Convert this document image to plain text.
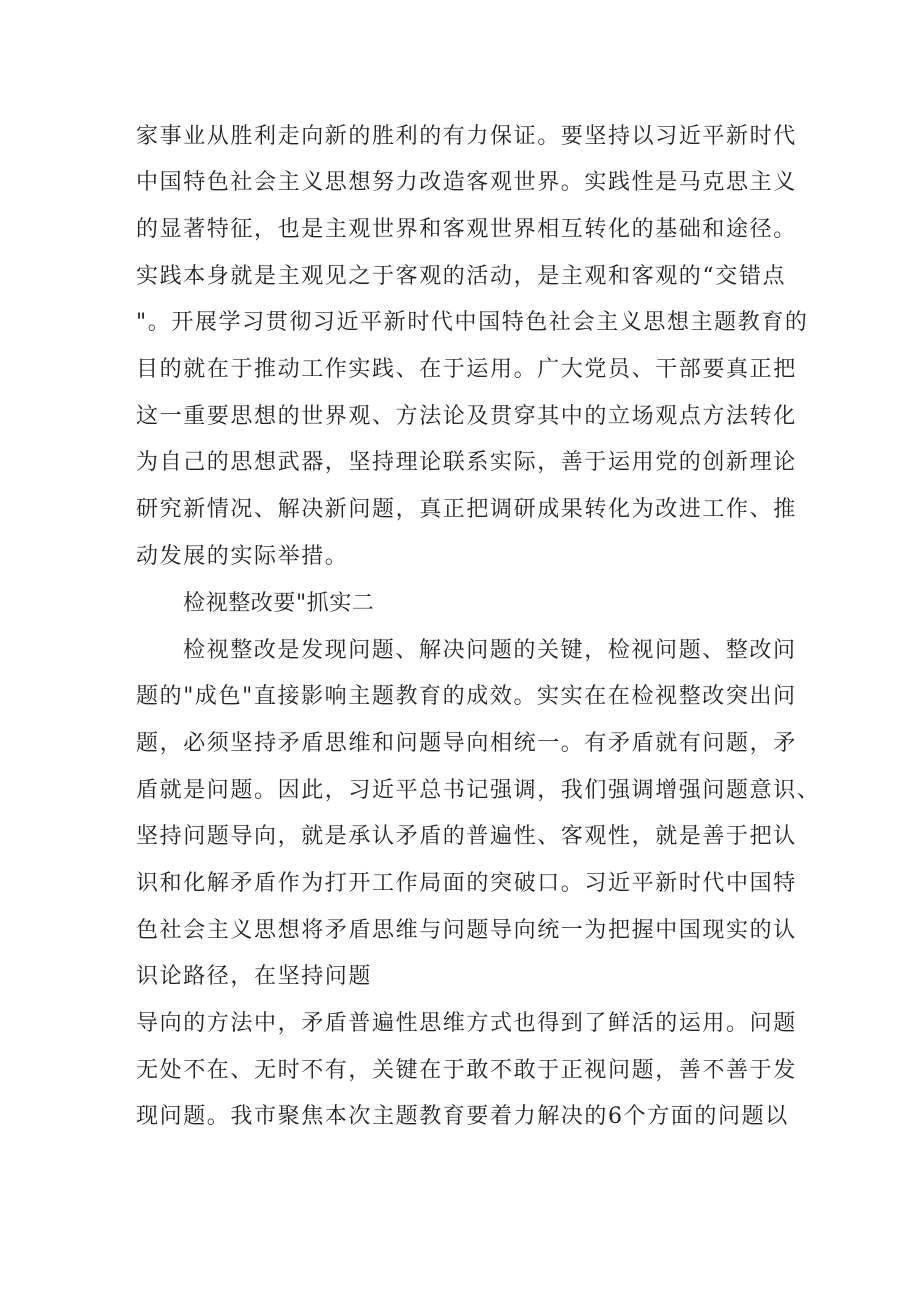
家事业从胜利走向新的胜利的有力保证。要坚持以习近平新时代
中国特色社会主义思想努力改造客观世界。实践性是马克思主义
的显著特征，也是主观世界和客观世界相互转化的基础和途径。
实践本身就是主观见之于客观的活动，是主观和客观的“交错点
"。开展学习贯彻习近平新时代中国特色社会主义思想主题教育的
目的就在于推动工作实践、在于运用。广大党员、干部要真正把
这一重要思想的世界观、方法论及贯穿其中的立场观点方法转化
为自己的思想武器，坚持理论联系实际，善于运用党的创新理论
研究新情况、解决新问题，真正把调研成果转化为改进工作、推
动发展的实际举措。
检视整改要"抓实二
检视整改是发现问题、解决问题的关键，检视问题、整改问
题的"成色"直接影响主题教育的成效。实实在在检视整改突出问
题，必须坚持矛盾思维和问题导向相统一。有矛盾就有问题，矛
盾就是问题。因此，习近平总书记强调，我们强调增强问题意识、
坚持问题导向，就是承认矛盾的普遍性、客观性，就是善于把认
识和化解矛盾作为打开工作局面的突破口。习近平新时代中国特
色社会主义思想将矛盾思维与问题导向统一为把握中国现实的认
识论路径，在坚持问题
导向的方法中，矛盾普遍性思维方式也得到了鲜活的运用。问题
无处不在、无时不有，关键在于敢不敢于正视问题，善不善于发
现问题。我市聚焦本次主题教育要着力解决的6个方面的问题以
